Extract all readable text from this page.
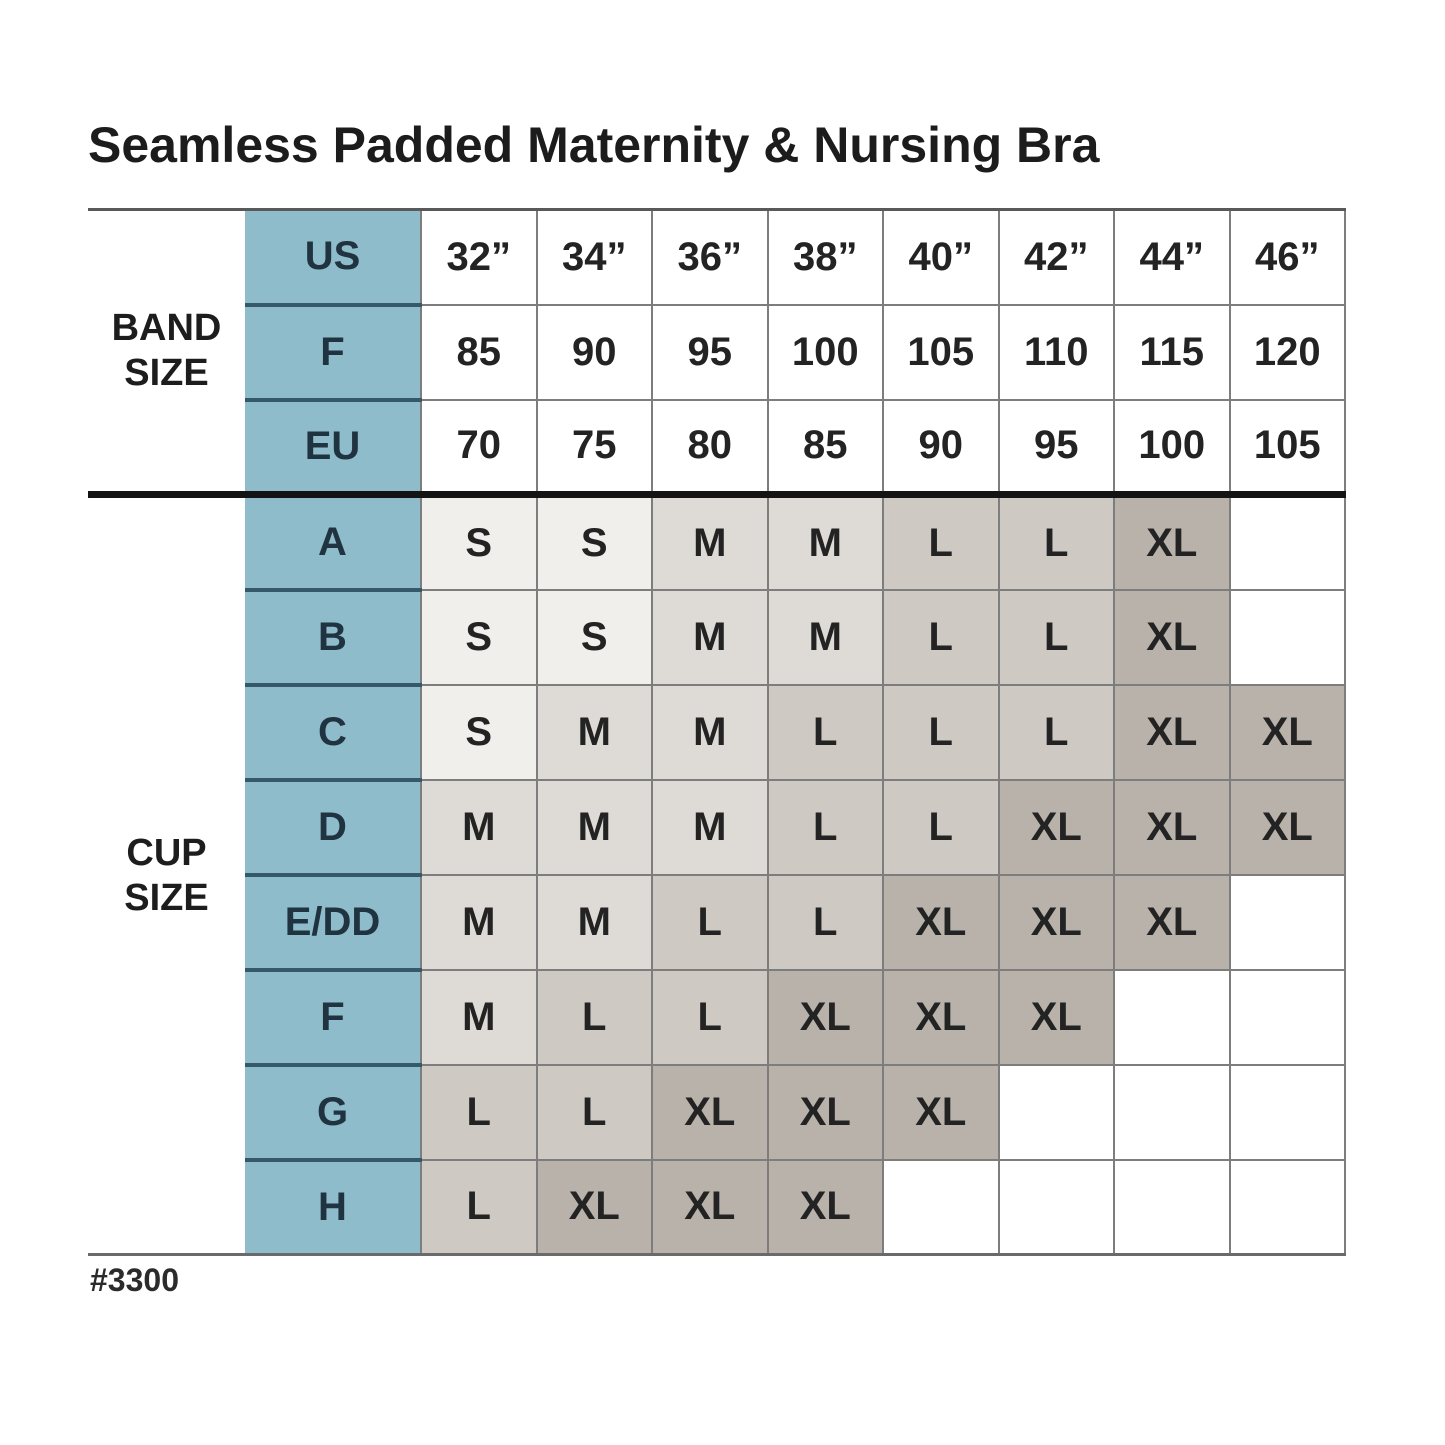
Seamless Padded Maternity & Nursing Bra
BAND SIZE	US	32”	34”	36”	38”	40”	42”	44”	46”
	F	85	90	95	100	105	110	115	120
	EU	70	75	80	85	90	95	100	105
CUP SIZE	A	S	S	M	M	L	L	XL	
	B	S	S	M	M	L	L	XL	
	C	S	M	M	L	L	L	XL	XL
	D	M	M	M	L	L	XL	XL	XL
	E/DD	M	M	L	L	XL	XL	XL	
	F	M	L	L	XL	XL	XL		
	G	L	L	XL	XL	XL			
	H	L	XL	XL	XL				
#3300
